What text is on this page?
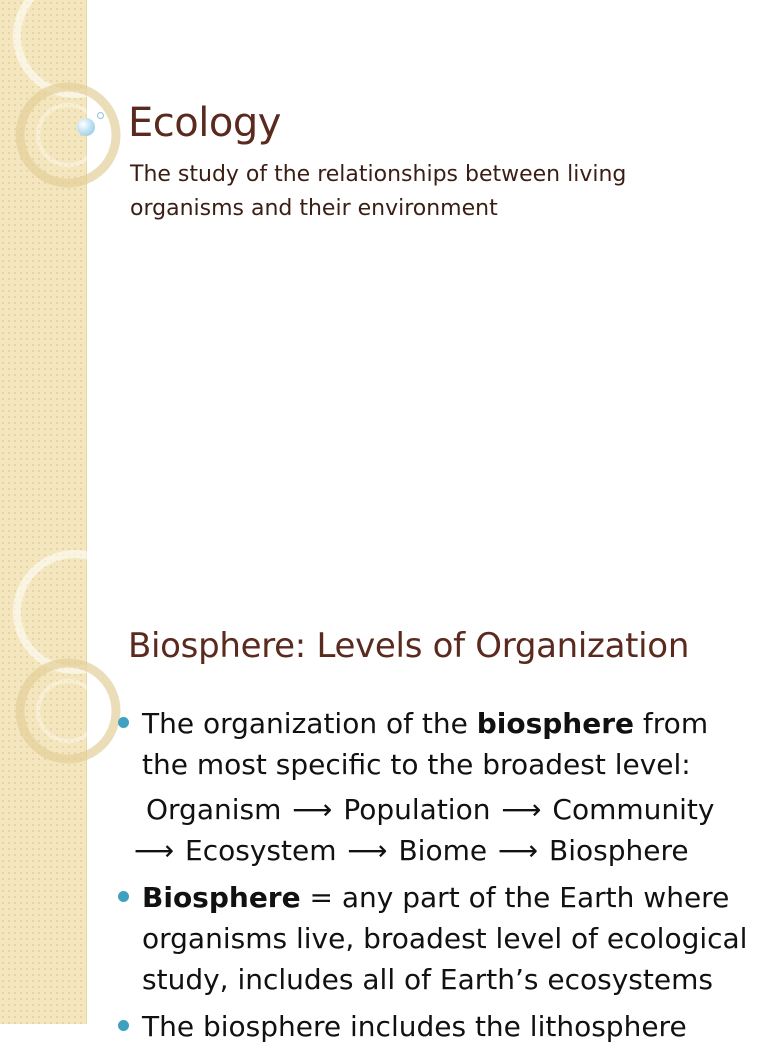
Ecology
The study of the relationships between living organisms and their environment
Biosphere: Levels of Organization
The organization of the biosphere from the most specific to the broadest level:
Organism ⟶ Population ⟶ Community
⟶ Ecosystem ⟶ Biome ⟶ Biosphere
Biosphere = any part of the Earth where organisms live, broadest level of ecological study, includes all of Earth’s ecosystems
The biosphere includes the lithosphere
